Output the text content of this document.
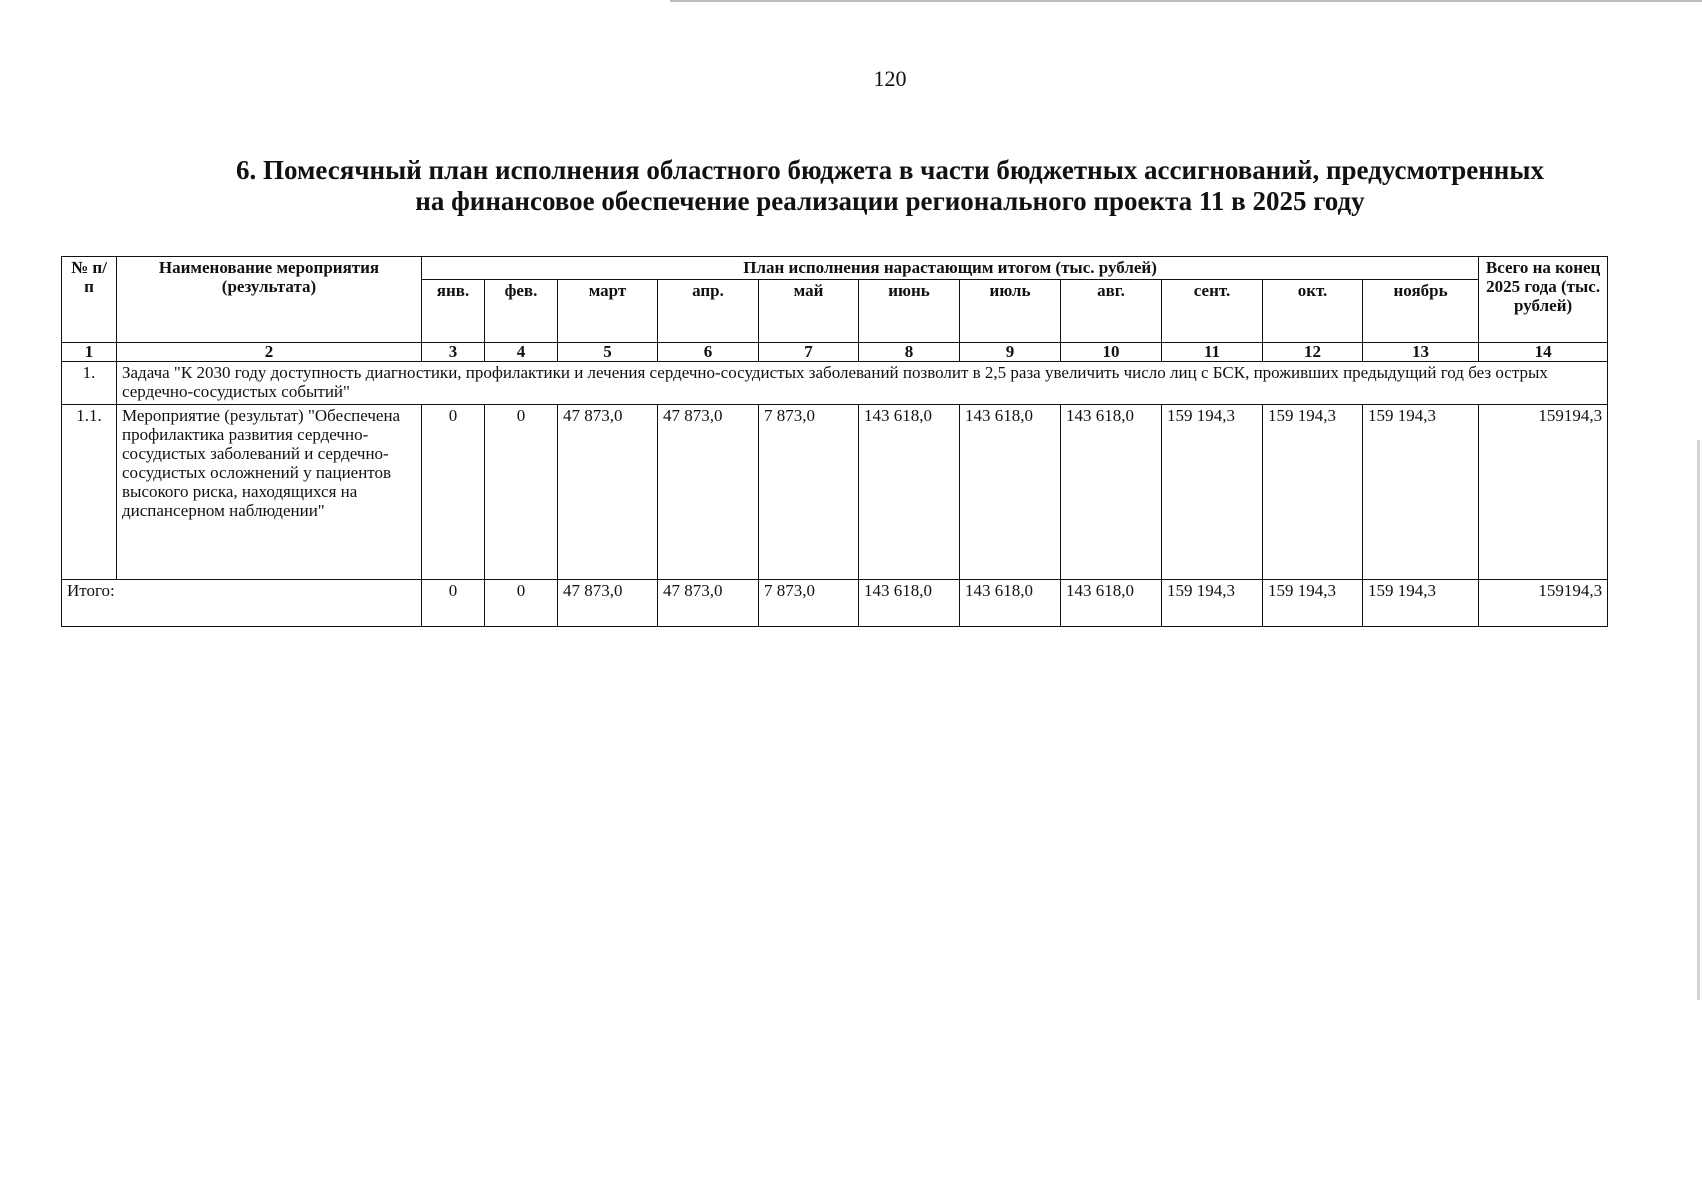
120
6. Помесячный план исполнения областного бюджета в части бюджетных ассигнований, предусмотренных
на финансовое обеспечение реализации регионального проекта 11 в 2025 году
№ п/п	Наименование мероприятия (результата)	План исполнения нарастающим итогом (тыс. рублей)											Всего на конец 2025 года (тыс. рублей)
		янв.	фев.	март	апр.	май	июнь	июль	авг.	сент.	окт.	ноябрь	
1	2	3	4	5	6	7	8	9	10	11	12	13	14
1.	Задача "К 2030 году доступность диагностики, профилактики и лечения сердечно-сосудистых заболеваний позволит в 2,5 раза увеличить число лиц с БСК, проживших предыдущий год без острых сердечно-сосудистых событий"												
1.1.	Мероприятие (результат) "Обеспечена профилактика развития сердечно-сосудистых заболеваний и сердечно-сосудистых осложнений у пациентов высокого риска, находящихся на диспансерном наблюдении"	0	0	47 873,0	47 873,0	7 873,0	143 618,0	143 618,0	143 618,0	159 194,3	159 194,3	159 194,3	159194,3
Итого:		0	0	47 873,0	47 873,0	7 873,0	143 618,0	143 618,0	143 618,0	159 194,3	159 194,3	159 194,3	159194,3
